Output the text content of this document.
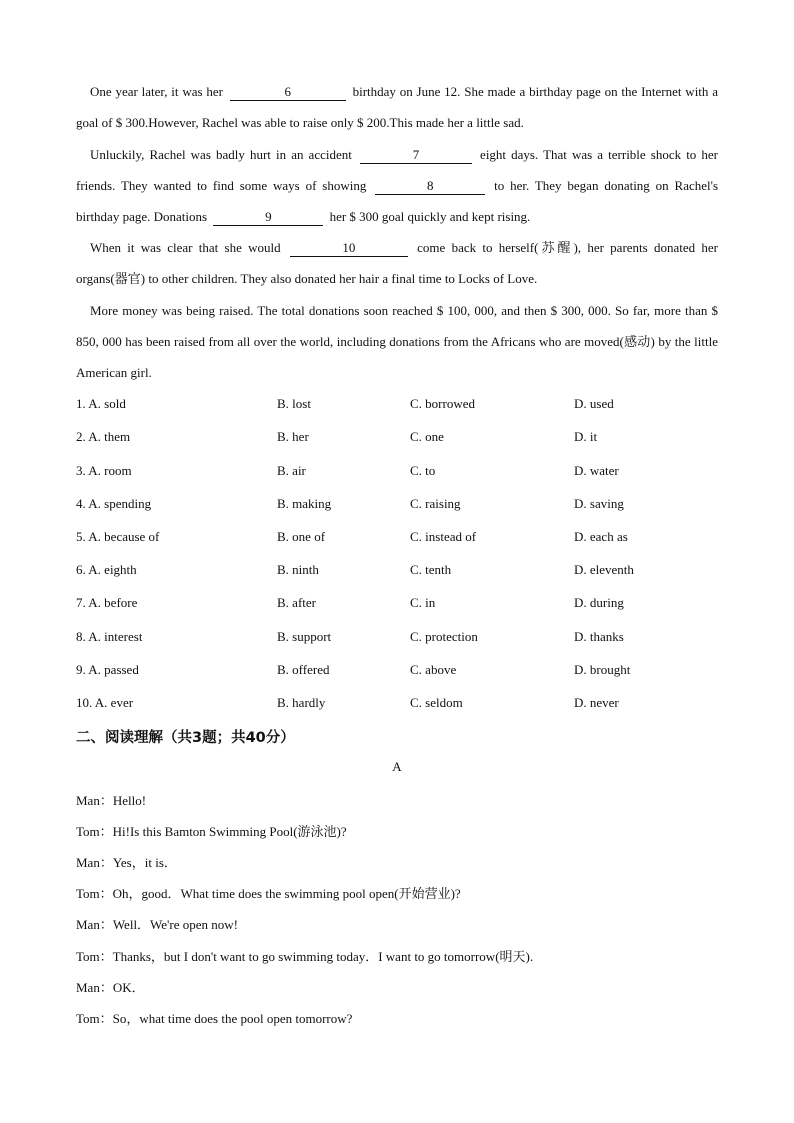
One year later, it was her	6	birthday on June 12. She made a birthday page on the Internet with a goal of $ 300.However, Rachel was able to raise only $ 200.This made her a little sad.
Unluckily, Rachel was badly hurt in an accident	7	eight days. That was a terrible shock to her friends. They wanted to find some ways of showing	8	to her. They began donating on Rachel's birthday page. Donations	9	her $ 300 goal quickly and kept rising.
When it was clear that she would	10	come back to herself(苏醒), her parents donated her organs(器官) to other children. They also donated her hair a final time to Locks of Love.
More money was being raised. The total donations soon reached $ 100, 000, and then $ 300, 000. So far, more than $ 850, 000 has been raised from all over the world, including donations from the Africans who are moved(感动) by the little American girl.
1. A. sold	B. lost	C. borrowed	D. used
2. A. them	B. her	C. one	D. it
3. A. room	B. air	C. to	D. water
4. A. spending	B. making	C. raising	D. saving
5. A. because of	B. one of	C. instead of	D. each as
6. A. eighth	B. ninth	C. tenth	D. eleventh
7. A. before	B. after	C. in	D. during
8. A. interest	B. support	C. protection	D. thanks
9. A. passed	B. offered	C. above	D. brought
10. A. ever	B. hardly	C. seldom	D. never
二、阅读理解（共3题；共40分）
A
Man：Hello!
Tom：Hi!Is this Bamton Swimming Pool(游泳池)?
Man：Yes，it is．
Tom：Oh，good．What time does the swimming pool open(开始营业)?
Man：Well．We're open now!
Tom：Thanks，but I don't want to go swimming today．I want to go tomorrow(明天).
Man：OK．
Tom：So，what time does the pool open tomorrow?
